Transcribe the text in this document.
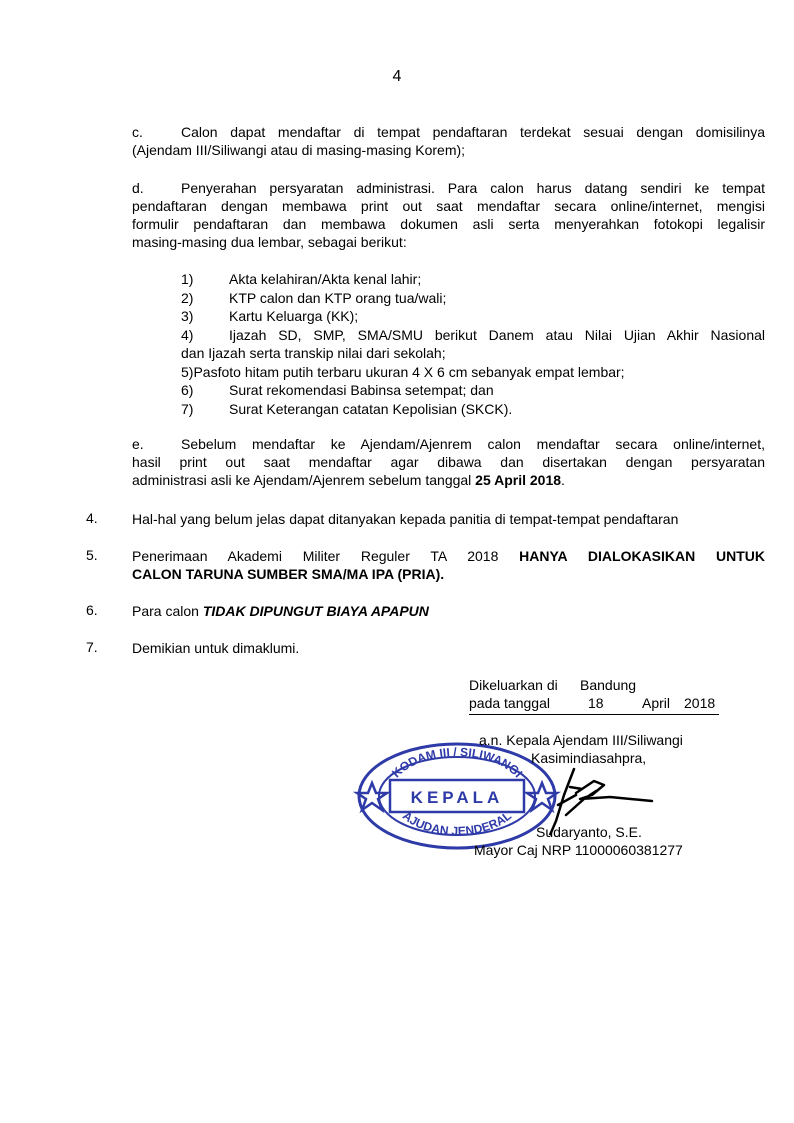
4
c.	Calon dapat mendaftar di tempat pendaftaran terdekat sesuai dengan domisilinya
(Ajendam III/Siliwangi atau di masing-masing Korem);
d.	Penyerahan persyaratan administrasi. Para calon harus datang sendiri ke tempat
pendaftaran dengan membawa print out saat mendaftar secara online/internet, mengisi
formulir pendaftaran dan membawa dokumen asli serta menyerahkan fotokopi legalisir
masing-masing dua lembar, sebagai berikut:
1)	Akta kelahiran/Akta kenal lahir;
2)	KTP calon dan KTP orang tua/wali;
3)	Kartu Keluarga (KK);
4)	Ijazah SD, SMP, SMA/SMU berikut Danem atau Nilai Ujian Akhir Nasional
dan Ijazah serta transkip nilai dari sekolah;
5)Pasfoto hitam putih terbaru ukuran 4 X 6 cm sebanyak empat lembar;
6)	Surat rekomendasi Babinsa setempat; dan
7)	Surat Keterangan catatan Kepolisian (SKCK).
e.	Sebelum mendaftar ke Ajendam/Ajenrem calon mendaftar secara online/internet,
hasil print out saat mendaftar agar dibawa dan disertakan dengan persyaratan
administrasi asli ke Ajendam/Ajenrem sebelum tanggal 25 April 2018.
4. Hal-hal yang belum jelas dapat ditanyakan kepada panitia di tempat-tempat pendaftaran
5. Penerimaan Akademi Militer Reguler TA 2018 HANYA DIALOKASIKAN UNTUK
CALON TARUNA SUMBER SMA/MA IPA (PRIA).
6. Para calon TIDAK DIPUNGUT BIAYA APAPUN
7. Demikian untuk dimaklumi.
Dikeluarkan di Bandung
pada tanggal	18	April 2018
KODAM III / SILIWANGI
KEPALA
AJUDAN JENDERAL
a.n. Kepala Ajendam III/Siliwangi
Kasimindiasahpra,
Sudaryanto, S.E.
Mayor Caj NRP 11000060381277
